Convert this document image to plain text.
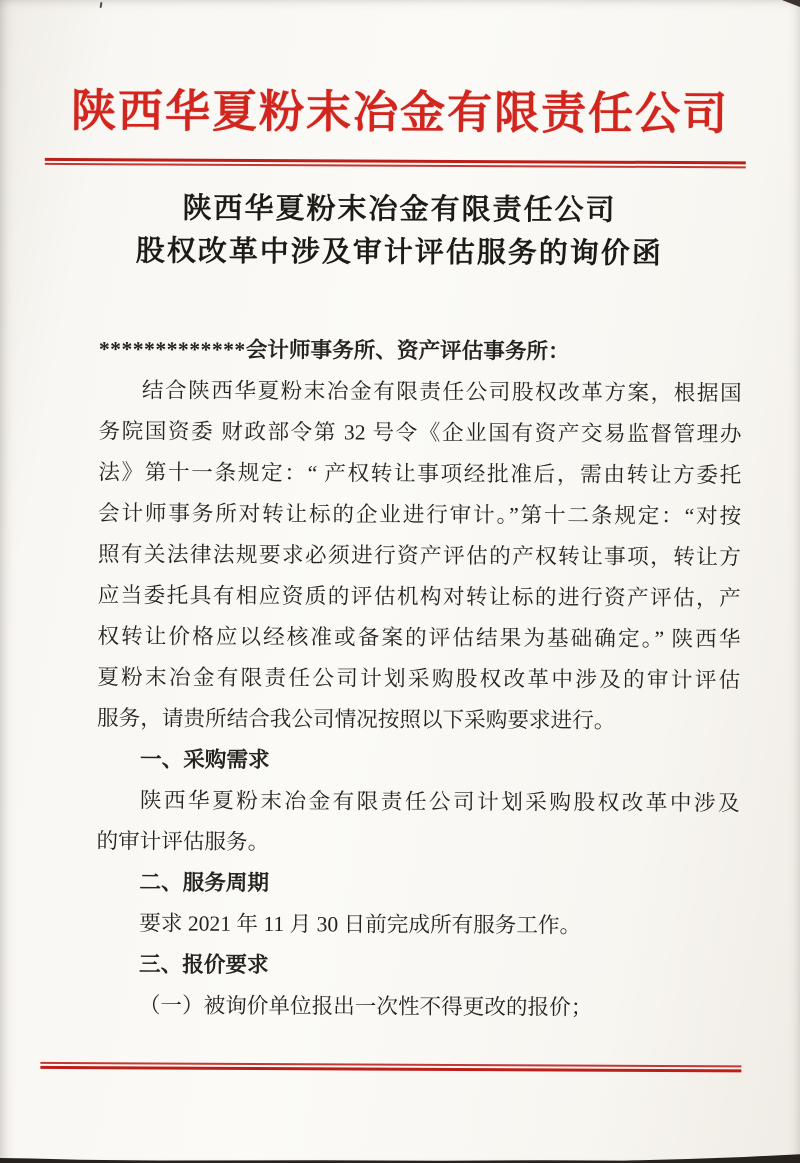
陕西华夏粉末冶金有限责任公司
陕西华夏粉末冶金有限责任公司
股权改革中涉及审计评估服务的询价函
*************会计师事务所、资产评估事务所：
结合陕西华夏粉末冶金有限责任公司股权改革方案，根据国
务院国资委 财政部令第 32 号令《企业国有资产交易监督管理办
法》第十一条规定：“ 产权转让事项经批准后，需由转让方委托
会计师事务所对转让标的企业进行审计。”第十二条规定：“对按
照有关法律法规要求必须进行资产评估的产权转让事项，转让方
应当委托具有相应资质的评估机构对转让标的进行资产评估，产
权转让价格应以经核准或备案的评估结果为基础确定。” 陕西华
夏粉末冶金有限责任公司计划采购股权改革中涉及的审计评估
服务，请贵所结合我公司情况按照以下采购要求进行。
一、采购需求
陕西华夏粉末冶金有限责任公司计划采购股权改革中涉及
的审计评估服务。
二、服务周期
要求 2021 年 11 月 30 日前完成所有服务工作。
三、报价要求
（一）被询价单位报出一次性不得更改的报价；
